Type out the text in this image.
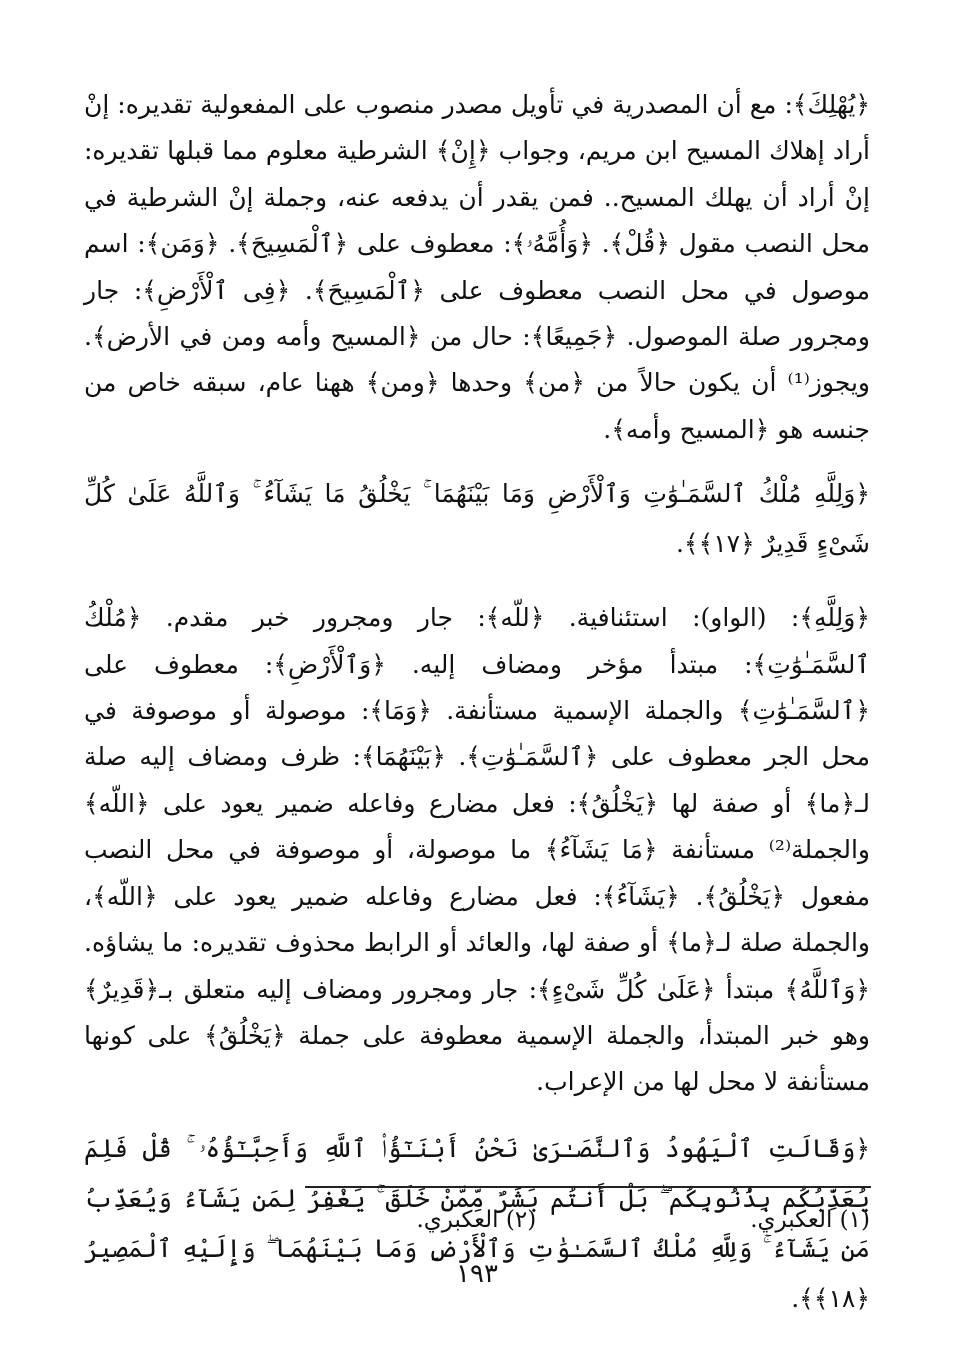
﴿يُهْلِكَ﴾: مع أن المصدرية في تأويل مصدر منصوب على المفعولية تقديره: إنْ أراد إهلاك المسيح ابن مريم، وجواب ﴿إِنْ﴾ الشرطية معلوم مما قبلها تقديره: إنْ أراد أن يهلك المسيح.. فمن يقدر أن يدفعه عنه، وجملة إنْ الشرطية في محل النصب مقول ﴿قُلْ﴾. ﴿وَأُمَّهُۥ﴾: معطوف على ﴿ٱلْمَسِيحَ﴾. ﴿وَمَن﴾: اسم موصول في محل النصب معطوف على ﴿ٱلْمَسِيحَ﴾. ﴿فِى ٱلْأَرْضِ﴾: جار ومجرور صلة الموصول. ﴿جَمِيعًا﴾: حال من ﴿المسيح وأمه ومن في الأرض﴾. ويجوز⁽¹⁾ أن يكون حالاً من ﴿من﴾ وحدها ﴿ومن﴾ ههنا عام، سبقه خاص من جنسه هو ﴿المسيح وأمه﴾.

﴿وَلِلَّهِ مُلْكُ ٱلسَّمَـٰوَٰتِ وَٱلْأَرْضِ وَمَا بَيْنَهُمَا ۚ يَخْلُقُ مَا يَشَآءُ ۚ وَٱللَّهُ عَلَىٰ كُلِّ شَىْءٍ قَدِيرٌ ﴿١٧﴾﴾.

﴿وَلِلَّهِ﴾: (الواو): استئنافية. ﴿للّه﴾: جار ومجرور خبر مقدم. ﴿مُلْكُ ٱلسَّمَـٰوَٰتِ﴾: مبتدأ مؤخر ومضاف إليه. ﴿وَٱلْأَرْضِ﴾: معطوف على ﴿ٱلسَّمَـٰوَٰتِ﴾ والجملة الإسمية مستأنفة. ﴿وَمَا﴾: موصولة أو موصوفة في محل الجر معطوف على ﴿ٱلسَّمَـٰوَٰتِ﴾. ﴿بَيْنَهُمَا﴾: ظرف ومضاف إليه صلة لـ﴿ما﴾ أو صفة لها ﴿يَخْلُقُ﴾: فعل مضارع وفاعله ضمير يعود على ﴿اللّه﴾ والجملة⁽²⁾ مستأنفة ﴿مَا يَشَآءُ﴾ ما موصولة، أو موصوفة في محل النصب مفعول ﴿يَخْلُقُ﴾. ﴿يَشَآءُ﴾: فعل مضارع وفاعله ضمير يعود على ﴿اللّه﴾، والجملة صلة لـ﴿ما﴾ أو صفة لها، والعائد أو الرابط محذوف تقديره: ما يشاؤه. ﴿وَٱللَّهُ﴾ مبتدأ ﴿عَلَىٰ كُلِّ شَىْءٍ﴾: جار ومجرور ومضاف إليه متعلق بـ﴿قَدِيرٌ﴾ وهو خبر المبتدأ، والجملة الإسمية معطوفة على جملة ﴿يَخْلُقُ﴾ على كونها مستأنفة لا محل لها من الإعراب.

﴿وَقَالَتِ ٱلْيَهُودُ وَٱلنَّصَـٰرَىٰ نَحْنُ أَبْنَـٰٓؤُا۟ ٱللَّهِ وَأَحِبَّـٰٓؤُهُۥ ۚ قُلْ فَلِمَ يُعَذِّبُكُم بِذُنُوبِكُم ۖ بَلْ أَنتُم بَشَرٌ مِّمَّنْ خَلَقَ ۚ يَغْفِرُ لِمَن يَشَآءُ وَيُعَذِّبُ مَن يَشَآءُ ۚ وَلِلَّهِ مُلْكُ ٱلسَّمَـٰوَٰتِ وَٱلْأَرْضِ وَمَا بَيْنَهُمَا ۖ وَإِلَيْهِ ٱلْمَصِيرُ ﴿١٨﴾﴾.

(١) العكبري.
(٢) العكبري.
١٩٣
